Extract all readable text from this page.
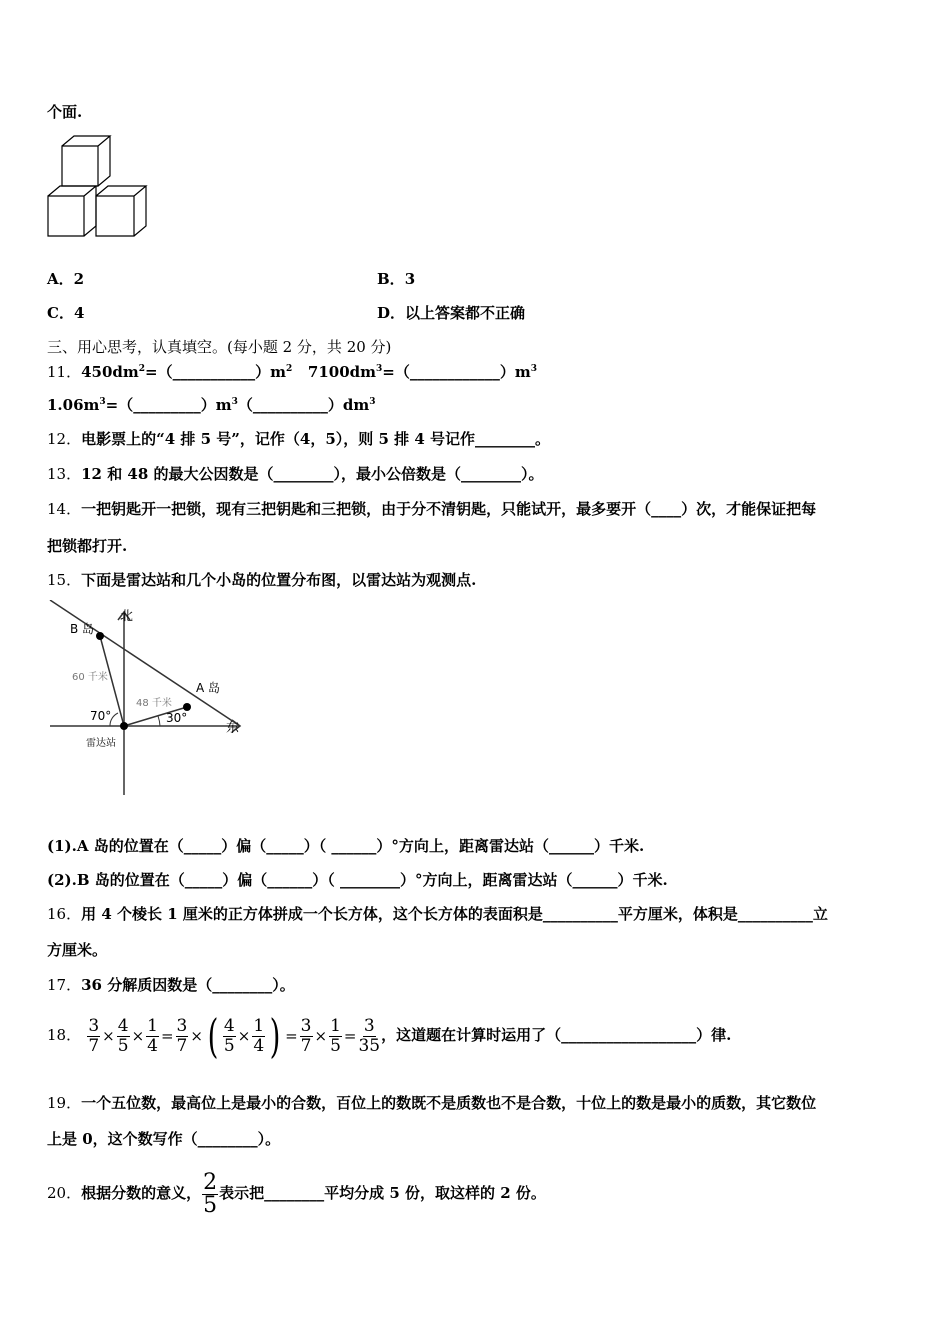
个面.
A．2	B．3
C．4	D．以上答案都不正确
三、用心思考，认真填空。(每小题 2 分，共 20 分)
11．$450dm^2=(\_\_\_\_\_\_\_\_\_\_\_)m^2$ $7100dm^3=(\_\_\_\_\_\_\_\_\_\_\_\_)m^3$
$1.06m^3=(\_\_\_\_\_\_\_\_\_)m^3(\_\_\_\_\_\_\_\_\_\_)dm^3$
12．电影票上的“4 排 5 号”，记作（4，5），则 5 排 4 号记作________。
13．12 和 48 的最大公因数是（________），最小公倍数是（________）。
14．一把钥匙开一把锁，现有三把钥匙和三把锁，由于分不清钥匙，只能试开，最多要开（____）次，才能保证把每
把锁都打开.
15．下面是雷达站和几个小岛的位置分布图，以雷达站为观测点.
北
东
B 岛
A 岛
60 千米
48 千米
70°	30°
雷达站
(1).A 岛的位置在（_____）偏（_____）（ ______）°方向上，距离雷达站（______）千米.
(2).B 岛的位置在（_____）偏（______）（ ________）°方向上，距离雷达站（______）千米.
16．用 4 个棱长 1 厘米的正方体拼成一个长方体，这个长方体的表面积是__________平方厘米，体积是__________立
方厘米。
17．36 分解质因数是（________）。
18． $\frac{3}{7} \times \frac{4}{5} \times \frac{1}{4} = \frac{3}{7}$ ×( $\frac{4}{5} \times \frac{1}{4}$ ) = $\frac{3}{7} \times \frac{1}{5} = \frac{3}{35}$ ，这道题在计算时运用了（__________________）律.
19．一个五位数，最高位上是最小的合数，百位上的数既不是质数也不是合数，十位上的数是最小的质数，其它数位
上是 0，这个数写作（________）。
20．根据分数的意义， $\frac{2}{5}$ 表示把________平均分成 5 份，取这样的 2 份。
